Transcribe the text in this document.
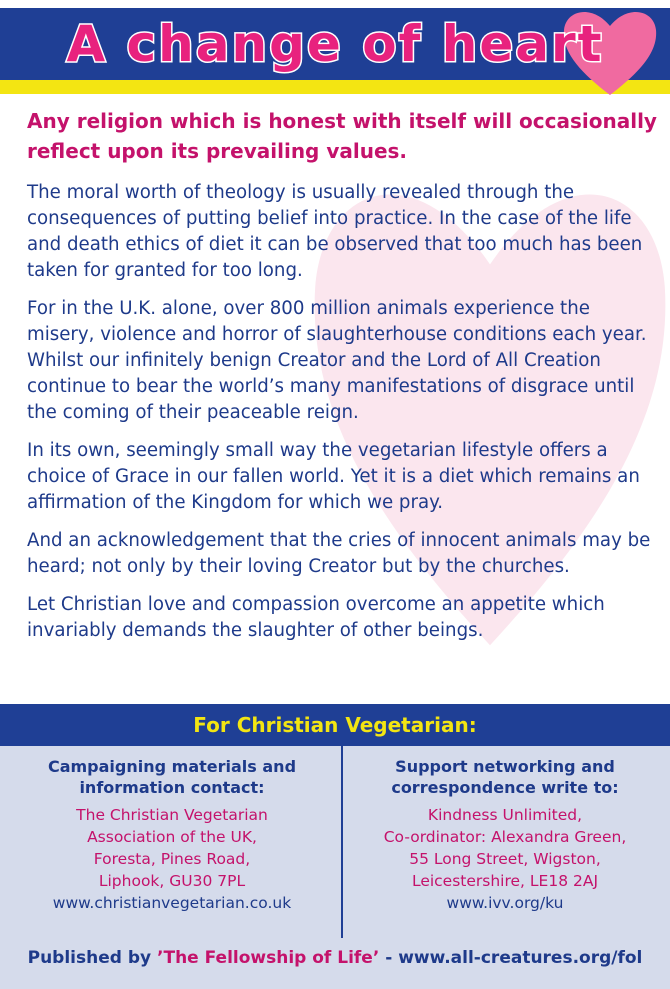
A change of heart

Any religion which is honest with itself will occasionally reflect upon its prevailing values.

The moral worth of theology is usually revealed through the consequences of putting belief into practice. In the case of the life and death ethics of diet it can be observed that too much has been taken for granted for too long.

For in the U.K. alone, over 800 million animals experience the misery, violence and horror of slaughterhouse conditions each year. Whilst our infinitely benign Creator and the Lord of All Creation continue to bear the world’s many manifestations of disgrace until the coming of their peaceable reign.

In its own, seemingly small way the vegetarian lifestyle offers a choice of Grace in our fallen world. Yet it is a diet which remains an affirmation of the Kingdom for which we pray.

And an acknowledgement that the cries of innocent animals may be heard; not only by their loving Creator but by the churches.

Let Christian love and compassion overcome an appetite which invariably demands the slaughter of other beings.

For Christian Vegetarian:

Campaigning materials and information contact:

The Christian Vegetarian

Association of the UK,

Foresta, Pines Road,

Liphook, GU30 7PL

www.christianvegetarian.co.uk

Support networking and correspondence write to:

Kindness Unlimited,

Co-ordinator: Alexandra Green,

55 Long Street, Wigston,

Leicestershire, LE18 2AJ

www.ivv.org/ku

Published by ’The Fellowship of Life’ - www.all-creatures.org/fol
